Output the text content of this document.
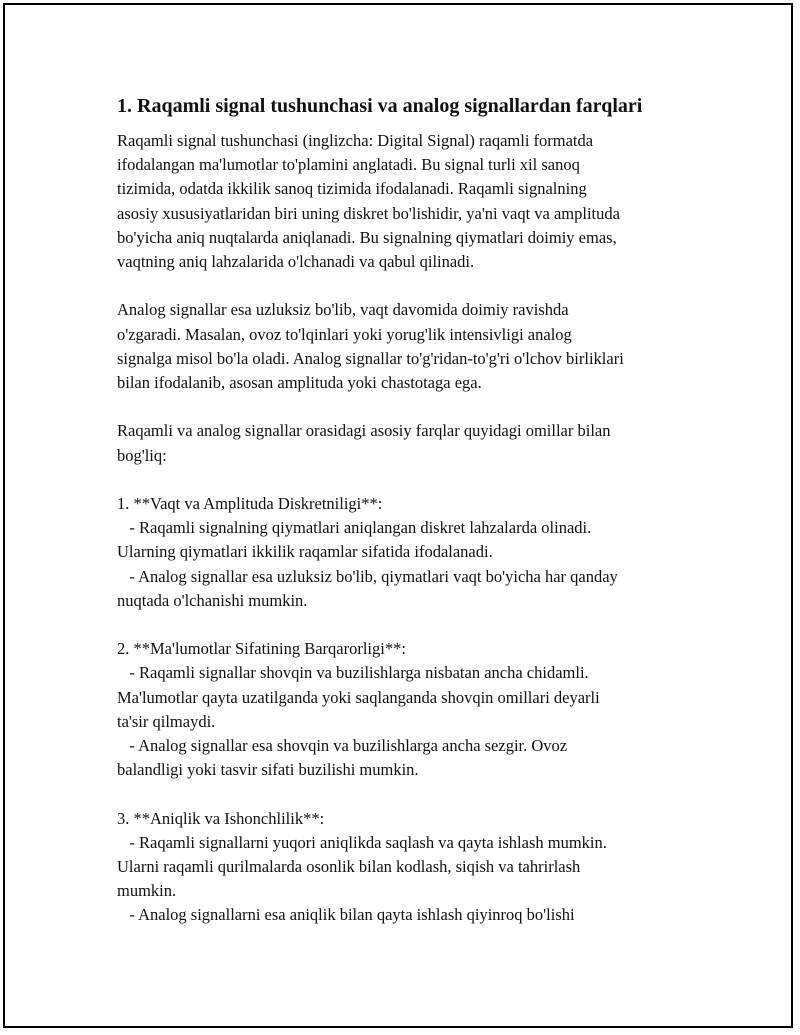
1. Raqamli signal tushunchasi va analog signallardan farqlari
Raqamli signal tushunchasi (inglizcha: Digital Signal) raqamli formatda
ifodalangan ma'lumotlar to'plamini anglatadi. Bu signal turli xil sanoq
tizimida, odatda ikkilik sanoq tizimida ifodalanadi. Raqamli signalning
asosiy xususiyatlaridan biri uning diskret bo'lishidir, ya'ni vaqt va amplituda
bo'yicha aniq nuqtalarda aniqlanadi. Bu signalning qiymatlari doimiy emas,
vaqtning aniq lahzalarida o'lchanadi va qabul qilinadi.
Analog signallar esa uzluksiz bo'lib, vaqt davomida doimiy ravishda
o'zgaradi. Masalan, ovoz to'lqinlari yoki yorug'lik intensivligi analog
signalga misol bo'la oladi. Analog signallar to'g'ridan-to'g'ri o'lchov birliklari
bilan ifodalanib, asosan amplituda yoki chastotaga ega.
Raqamli va analog signallar orasidagi asosiy farqlar quyidagi omillar bilan
bog'liq:
1. **Vaqt va Amplituda Diskretniligi**:
- Raqamli signalning qiymatlari aniqlangan diskret lahzalarda olinadi.
Ularning qiymatlari ikkilik raqamlar sifatida ifodalanadi.
- Analog signallar esa uzluksiz bo'lib, qiymatlari vaqt bo'yicha har qanday
nuqtada o'lchanishi mumkin.
2. **Ma'lumotlar Sifatining Barqarorligi**:
- Raqamli signallar shovqin va buzilishlarga nisbatan ancha chidamli.
Ma'lumotlar qayta uzatilganda yoki saqlanganda shovqin omillari deyarli
ta'sir qilmaydi.
- Analog signallar esa shovqin va buzilishlarga ancha sezgir. Ovoz
balandligi yoki tasvir sifati buzilishi mumkin.
3. **Aniqlik va Ishonchlilik**:
- Raqamli signallarni yuqori aniqlikda saqlash va qayta ishlash mumkin.
Ularni raqamli qurilmalarda osonlik bilan kodlash, siqish va tahrirlash
mumkin.
- Analog signallarni esa aniqlik bilan qayta ishlash qiyinroq bo'lishi
